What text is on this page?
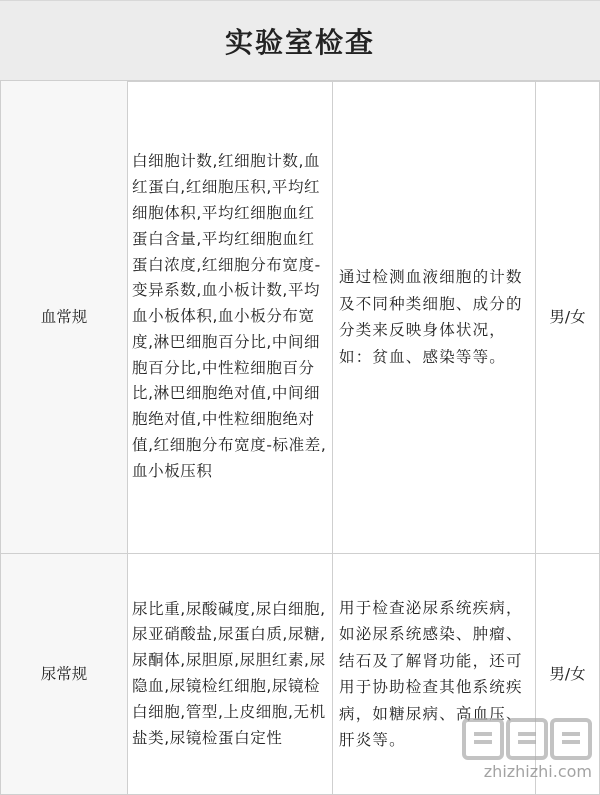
实验室检查
血常规	白细胞计数,红细胞计数,血红蛋白,红细胞压积,平均红细胞体积,平均红细胞血红蛋白含量,平均红细胞血红蛋白浓度,红细胞分布宽度-变异系数,血小板计数,平均血小板体积,血小板分布宽度,淋巴细胞百分比,中间细胞百分比,中性粒细胞百分比,淋巴细胞绝对值,中间细胞绝对值,中性粒细胞绝对值,红细胞分布宽度-标准差,血小板压积	通过检测血液细胞的计数及不同种类细胞、成分的分类来反映身体状况，如：贫血、感染等等。	男/女
尿常规	尿比重,尿酸碱度,尿白细胞,尿亚硝酸盐,尿蛋白质,尿糖,尿酮体,尿胆原,尿胆红素,尿隐血,尿镜检红细胞,尿镜检白细胞,管型,上皮细胞,无机盐类,尿镜检蛋白定性	用于检查泌尿系统疾病，如泌尿系统感染、肿瘤、结石及了解肾功能，还可用于协助检查其他系统疾病，如糖尿病、高血压、肝炎等。	男/女
zhizhizhi.com
